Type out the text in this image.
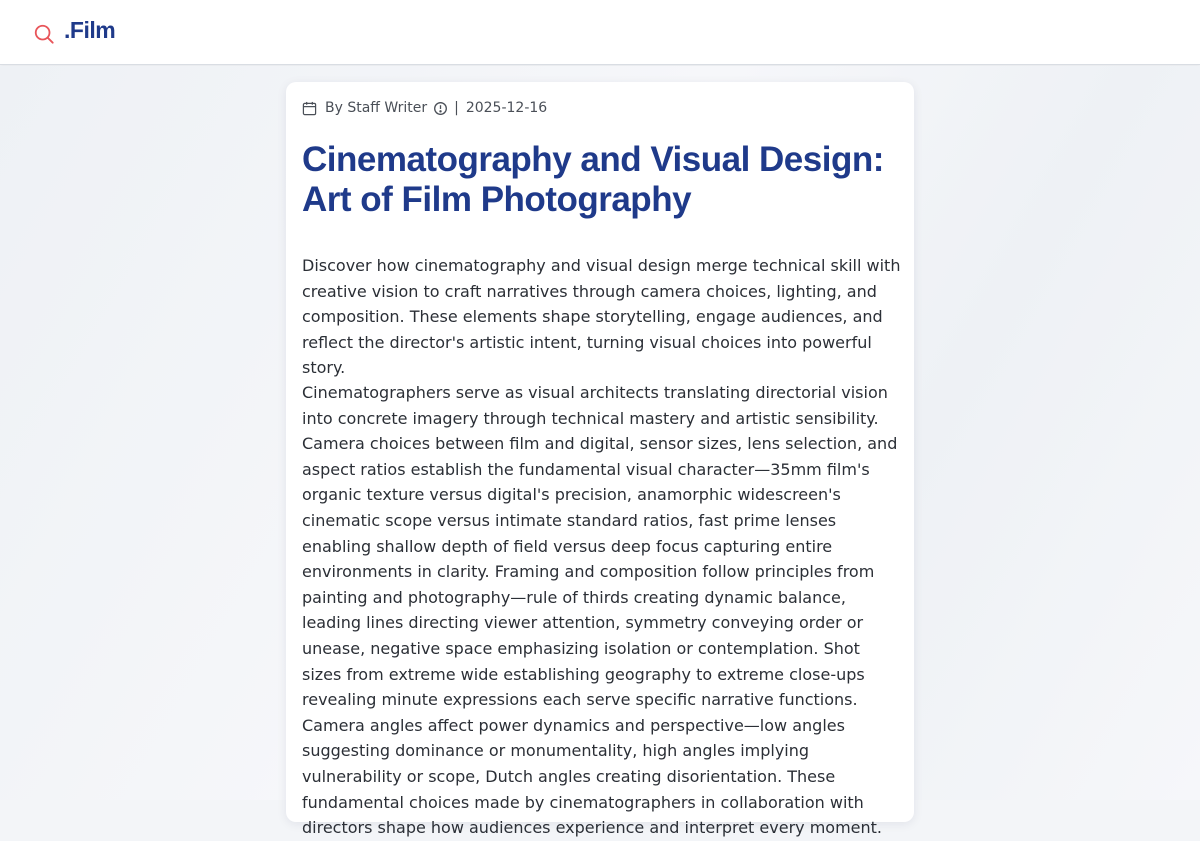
.Film
By Staff Writer | 2025-12-16
Cinematography and Visual Design: Art of Film Photography

Discover how cinematography and visual design merge technical skill with creative vision to craft narratives through camera choices, lighting, and composition. These elements shape storytelling, engage audiences, and reflect the director's artistic intent, turning visual choices into powerful story.

Cinematographers serve as visual architects translating directorial vision into concrete imagery through technical mastery and artistic sensibility. Camera choices between film and digital, sensor sizes, lens selection, and aspect ratios establish the fundamental visual character—35mm film's organic texture versus digital's precision, anamorphic widescreen's cinematic scope versus intimate standard ratios, fast prime lenses enabling shallow depth of field versus deep focus capturing entire environments in clarity. Framing and composition follow principles from painting and photography—rule of thirds creating dynamic balance, leading lines directing viewer attention, symmetry conveying order or unease, negative space emphasizing isolation or contemplation. Shot sizes from extreme wide establishing geography to extreme close-ups revealing minute expressions each serve specific narrative functions. Camera angles affect power dynamics and perspective—low angles suggesting dominance or monumentality, high angles implying vulnerability or scope, Dutch angles creating disorientation. These fundamental choices made by cinematographers in collaboration with directors shape how audiences experience and interpret every moment.
